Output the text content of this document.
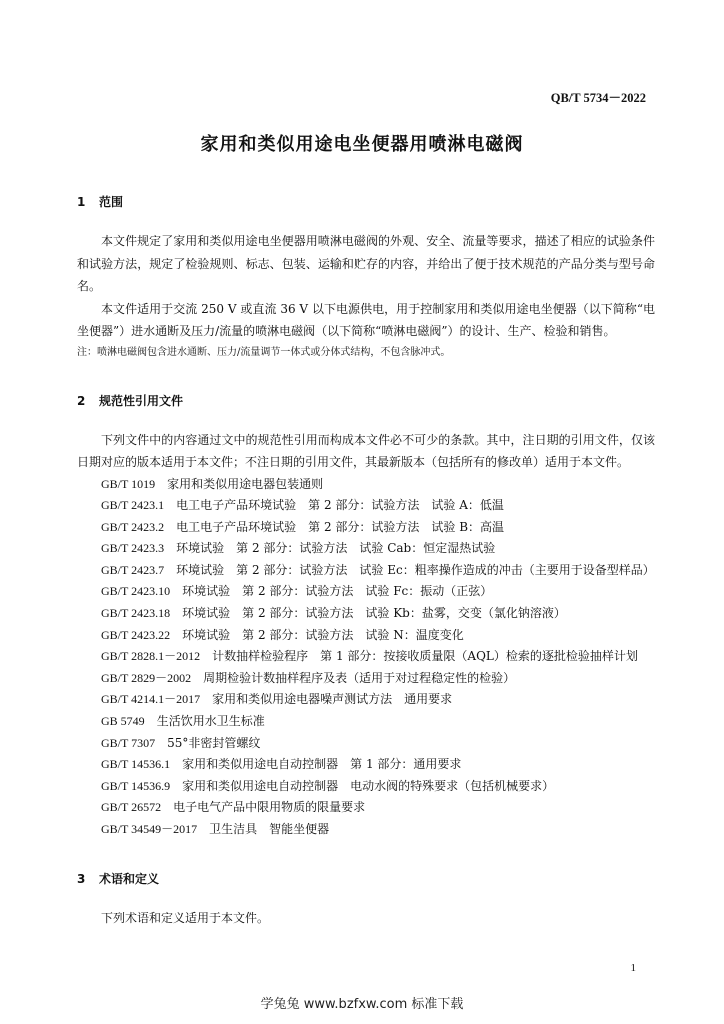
QB/T 5734－2022
家用和类似用途电坐便器用喷淋电磁阀
1 范围
本文件规定了家用和类似用途电坐便器用喷淋电磁阀的外观、安全、流量等要求，描述了相应的试验条件和试验方法，规定了检验规则、标志、包装、运输和贮存的内容，并给出了便于技术规范的产品分类与型号命名。
本文件适用于交流 250 V 或直流 36 V 以下电源供电，用于控制家用和类似用途电坐便器（以下简称“电坐便器”）进水通断及压力/流量的喷淋电磁阀（以下简称“喷淋电磁阀”）的设计、生产、检验和销售。
注：喷淋电磁阀包含进水通断、压力/流量调节一体式或分体式结构，不包含脉冲式。
2 规范性引用文件
下列文件中的内容通过文中的规范性引用而构成本文件必不可少的条款。其中，注日期的引用文件，仅该日期对应的版本适用于本文件；不注日期的引用文件，其最新版本（包括所有的修改单）适用于本文件。
GB/T 1019　 家用和类似用途电器包装通则
GB/T 2423.1　 电工电子产品环境试验　第 2 部分：试验方法　试验 A：低温
GB/T 2423.2　 电工电子产品环境试验　第 2 部分：试验方法　试验 B：高温
GB/T 2423.3　 环境试验　第 2 部分：试验方法　试验 Cab：恒定湿热试验
GB/T 2423.7　 环境试验　第 2 部分：试验方法　试验 Ec：粗率操作造成的冲击（主要用于设备型样品）
GB/T 2423.10　 环境试验　第 2 部分：试验方法　试验 Fc：振动（正弦）
GB/T 2423.18　 环境试验　第 2 部分：试验方法　试验 Kb：盐雾，交变（氯化钠溶液）
GB/T 2423.22　 环境试验　第 2 部分：试验方法　试验 N：温度变化
GB/T 2828.1－2012　 计数抽样检验程序　第 1 部分：按接收质量限（AQL）检索的逐批检验抽样计划
GB/T 2829－2002　 周期检验计数抽样程序及表（适用于对过程稳定性的检验）
GB/T 4214.1－2017　 家用和类似用途电器噪声测试方法　通用要求
GB 5749　 生活饮用水卫生标准
GB/T 7307　 55°非密封管螺纹
GB/T 14536.1　 家用和类似用途电自动控制器　第 1 部分：通用要求
GB/T 14536.9　 家用和类似用途电自动控制器　电动水阀的特殊要求（包括机械要求）
GB/T 26572　 电子电气产品中限用物质的限量要求
GB/T 34549－2017　 卫生洁具　智能坐便器
3 术语和定义
下列术语和定义适用于本文件。
1
学兔兔 www.bzfxw.com 标准下载
